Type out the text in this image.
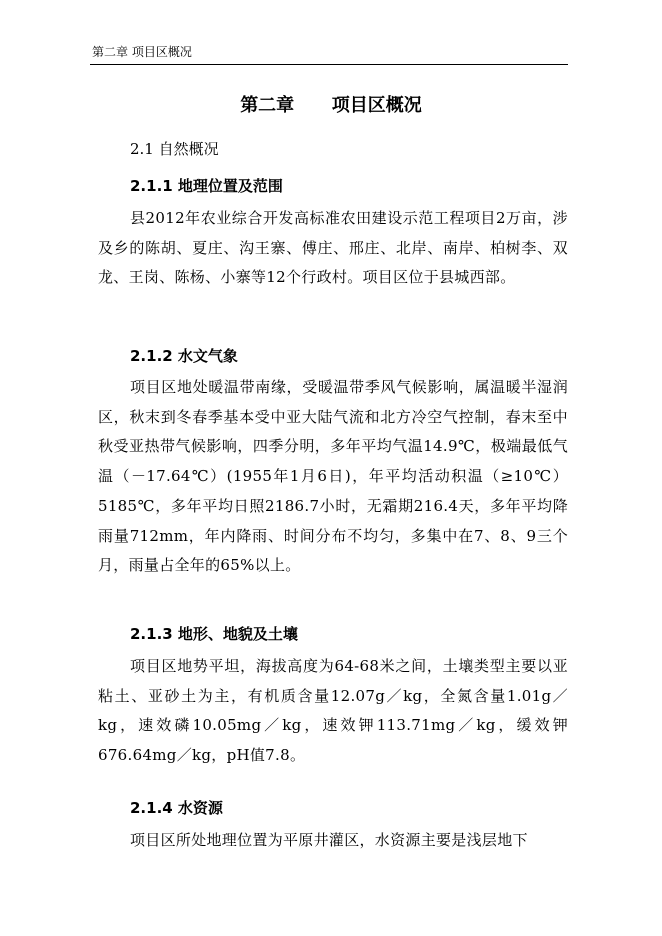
第二章 项目区概况
第二章      项目区概况
2.1 自然概况
2.1.1 地理位置及范围

县2012年农业综合开发高标准农田建设示范工程项目2万亩，涉及乡的陈胡、夏庄、沟王寨、傅庄、邢庄、北岸、南岸、柏树李、双龙、王岗、陈杨、小寨等12个行政村。项目区位于县城西部。

2.1.2 水文气象

项目区地处暖温带南缘，受暖温带季风气候影响，属温暖半湿润区，秋末到冬春季基本受中亚大陆气流和北方冷空气控制，春末至中秋受亚热带气候影响，四季分明，多年平均气温14.9℃，极端最低气温（－17.64℃）(1955年1月6日)，年平均活动积温（≥10℃）5185℃，多年平均日照2186.7小时，无霜期216.4天，多年平均降雨量712mm，年内降雨、时间分布不均匀，多集中在7、8、9三个月，雨量占全年的65%以上。

2.1.3 地形、地貌及土壤

项目区地势平坦，海拔高度为64-68米之间，土壤类型主要以亚粘土、亚砂土为主，有机质含量12.07g／kg，全氮含量1.01g／kg，速效磷10.05mg／kg，速效钾113.71mg／kg，缓效钾676.64mg／kg，pH值7.8。

2.1.4 水资源

项目区所处地理位置为平原井灌区，水资源主要是浅层地下
